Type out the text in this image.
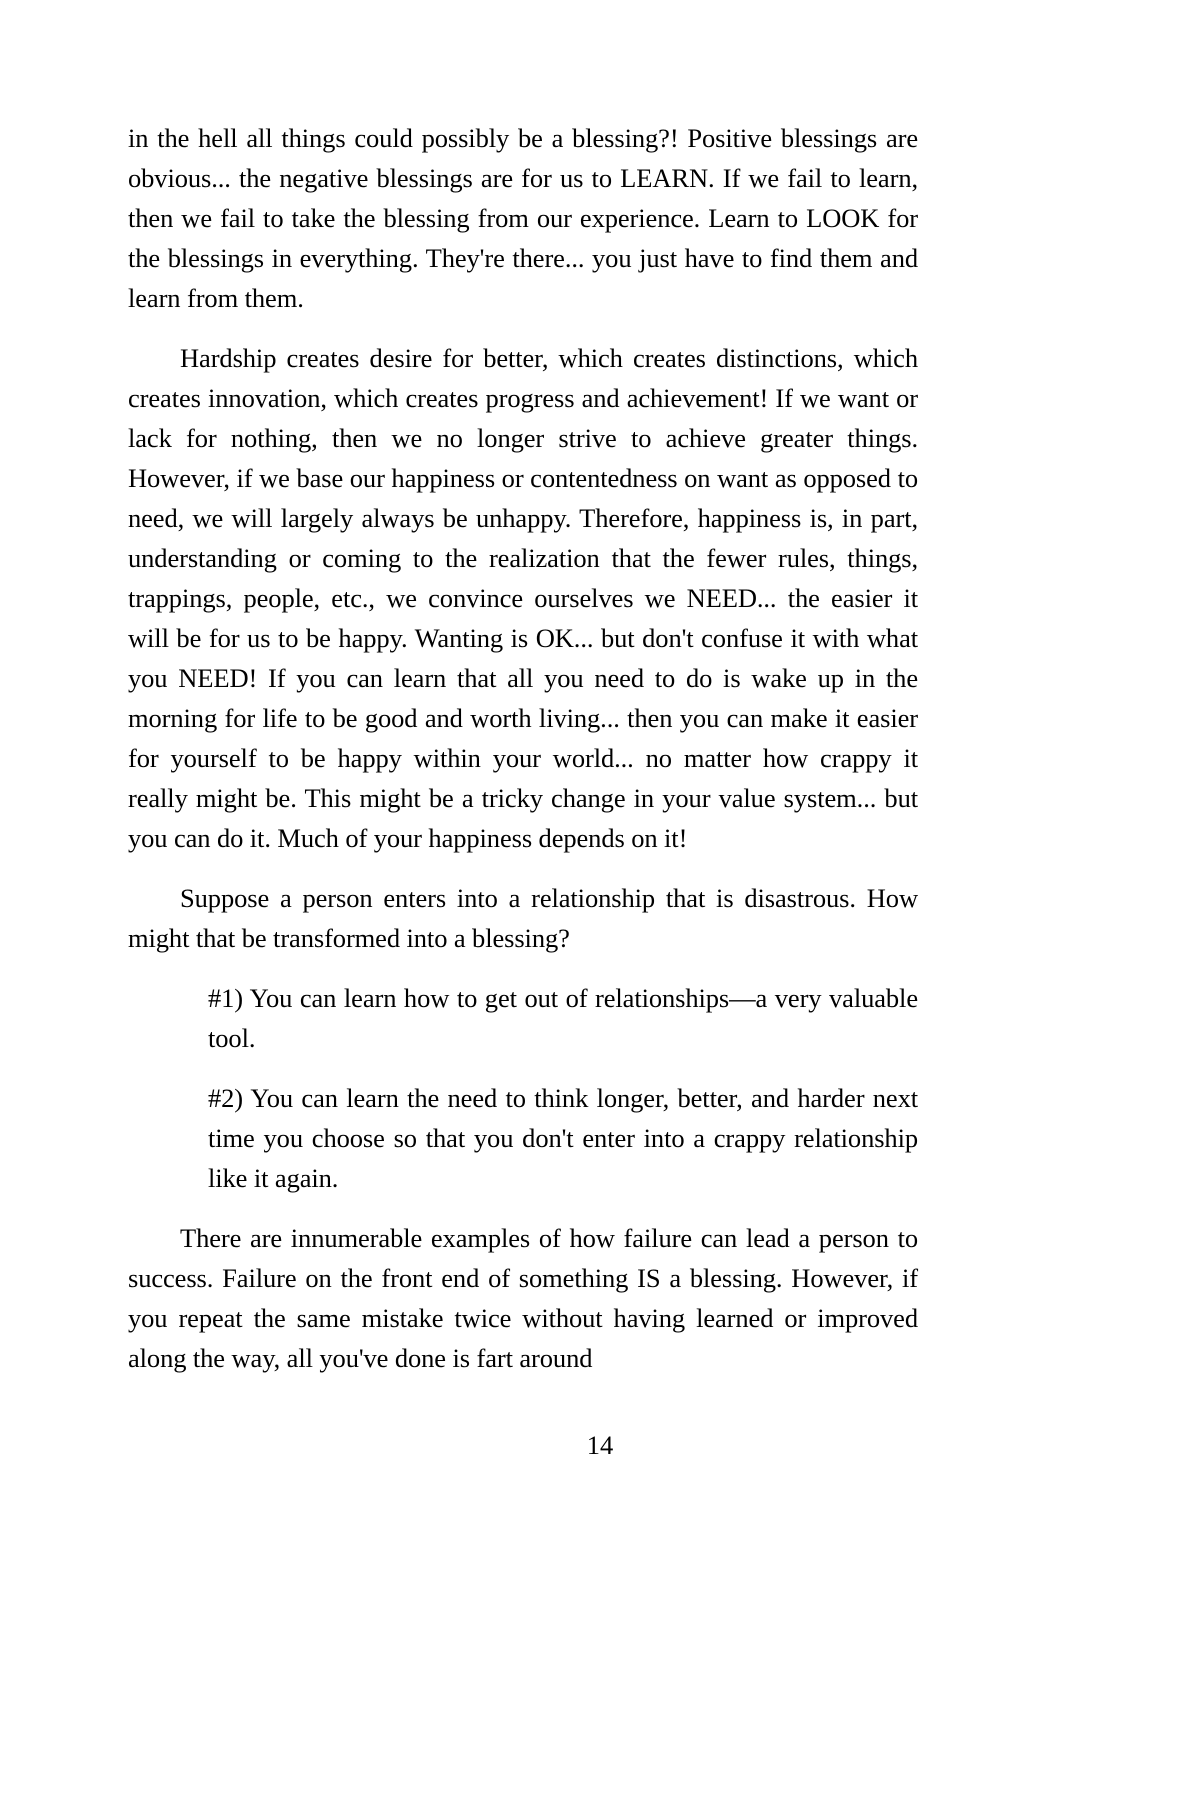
in the hell all things could possibly be a blessing?! Positive blessings are obvious... the negative blessings are for us to LEARN. If we fail to learn, then we fail to take the blessing from our experience. Learn to LOOK for the blessings in everything. They're there... you just have to find them and learn from them.

Hardship creates desire for better, which creates distinctions, which creates innovation, which creates progress and achievement! If we want or lack for nothing, then we no longer strive to achieve greater things. However, if we base our happiness or contentedness on want as opposed to need, we will largely always be unhappy. Therefore, happiness is, in part, understanding or coming to the realization that the fewer rules, things, trappings, people, etc., we convince ourselves we NEED... the easier it will be for us to be happy. Wanting is OK... but don't confuse it with what you NEED! If you can learn that all you need to do is wake up in the morning for life to be good and worth living... then you can make it easier for yourself to be happy within your world... no matter how crappy it really might be. This might be a tricky change in your value system... but you can do it. Much of your happiness depends on it!

Suppose a person enters into a relationship that is disastrous. How might that be transformed into a blessing?

#1) You can learn how to get out of relationships—a very valuable tool.

#2) You can learn the need to think longer, better, and harder next time you choose so that you don't enter into a crappy relationship like it again.

There are innumerable examples of how failure can lead a person to success. Failure on the front end of something IS a blessing. However, if you repeat the same mistake twice without having learned or improved along the way, all you've done is fart around

14
